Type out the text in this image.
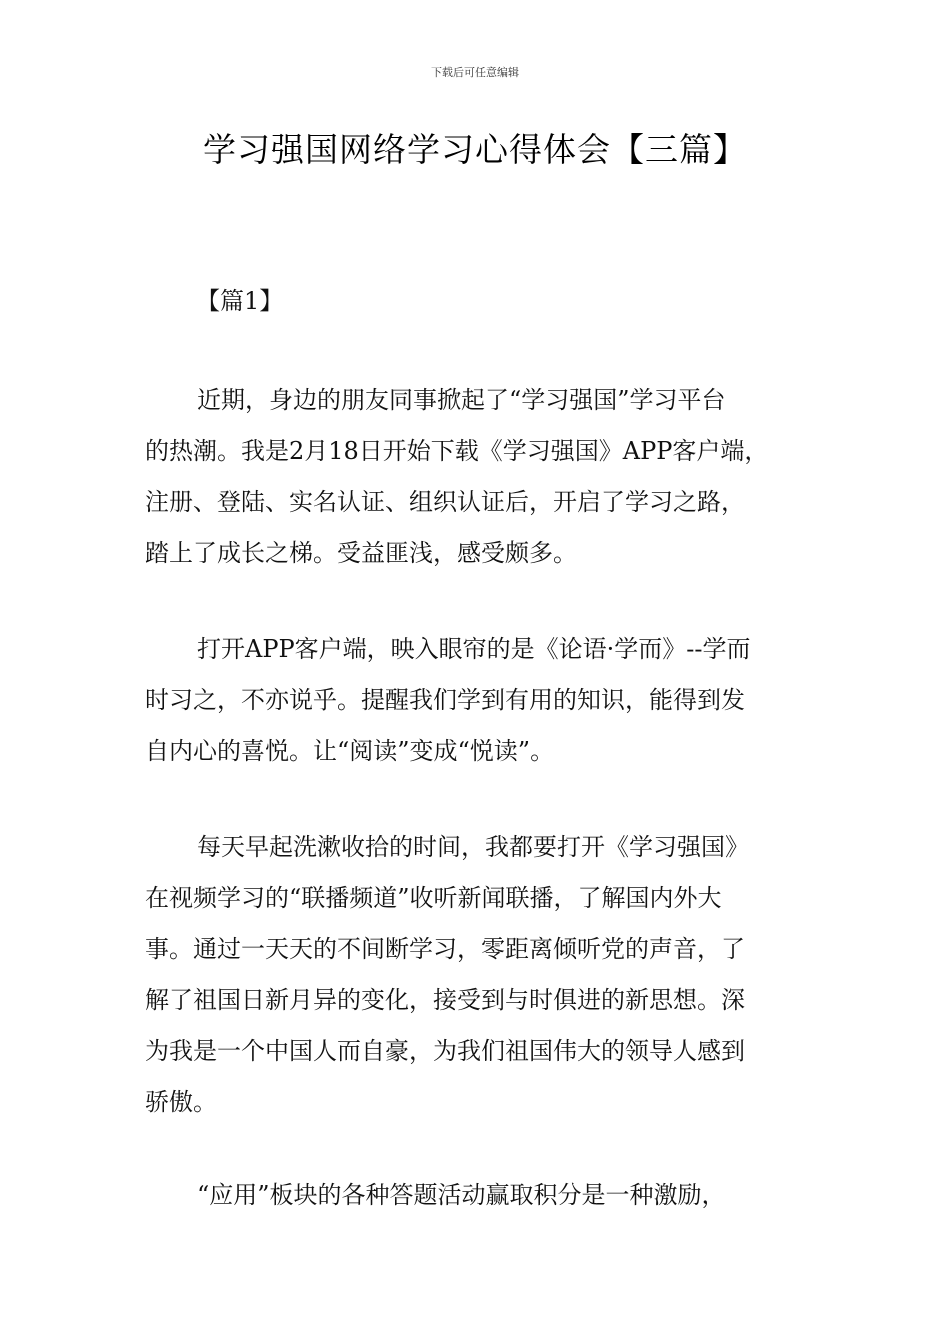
下载后可任意编辑
学习强国网络学习心得体会【三篇】
【篇1】
近期，身边的朋友同事掀起了“学习强国”学习平台
的热潮。我是2月18日开始下载《学习强国》APP客户端，
注册、登陆、实名认证、组织认证后，开启了学习之路，
踏上了成长之梯。受益匪浅，感受颇多。
打开APP客户端，映入眼帘的是《论语·学而》--学而
时习之，不亦说乎。提醒我们学到有用的知识，能得到发
自内心的喜悦。让“阅读”变成“悦读”。
每天早起洗漱收拾的时间，我都要打开《学习强国》
在视频学习的“联播频道”收听新闻联播，了解国内外大
事。通过一天天的不间断学习，零距离倾听党的声音，了
解了祖国日新月异的变化，接受到与时俱进的新思想。深
为我是一个中国人而自豪，为我们祖国伟大的领导人感到
骄傲。
“应用”板块的各种答题活动赢取积分是一种激励，
